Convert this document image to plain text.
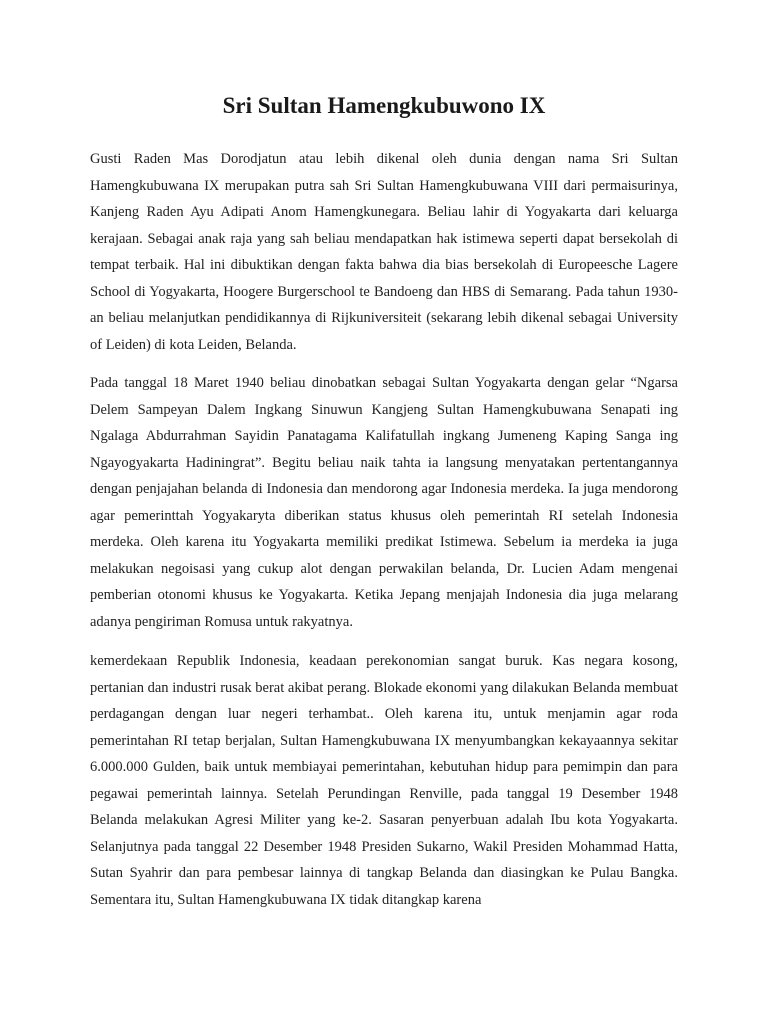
Sri Sultan Hamengkubuwono IX

Gusti Raden Mas Dorodjatun atau lebih dikenal oleh dunia dengan nama Sri Sultan Hamengkubuwana IX merupakan putra sah Sri Sultan Hamengkubuwana VIII dari permaisurinya, Kanjeng Raden Ayu Adipati Anom Hamengkunegara. Beliau lahir di Yogyakarta dari keluarga kerajaan. Sebagai anak raja yang sah beliau mendapatkan hak istimewa seperti dapat bersekolah di tempat terbaik. Hal ini dibuktikan dengan fakta bahwa dia bias bersekolah di Europeesche Lagere School di Yogyakarta, Hoogere Burgerschool te Bandoeng dan HBS di Semarang. Pada tahun 1930-an beliau melanjutkan pendidikannya di Rijkuniversiteit (sekarang lebih dikenal sebagai University of Leiden) di kota Leiden, Belanda.

Pada tanggal 18 Maret 1940 beliau dinobatkan sebagai Sultan Yogyakarta dengan gelar “Ngarsa Delem Sampeyan Dalem Ingkang Sinuwun Kangjeng Sultan Hamengkubuwana Senapati ing Ngalaga Abdurrahman Sayidin Panatagama Kalifatullah ingkang Jumeneng Kaping Sanga ing Ngayogyakarta Hadiningrat”. Begitu beliau naik tahta ia langsung menyatakan pertentangannya dengan penjajahan belanda di Indonesia dan mendorong agar Indonesia merdeka. Ia juga mendorong agar pemerinttah Yogyakaryta diberikan status khusus oleh pemerintah RI setelah Indonesia merdeka. Oleh karena itu Yogyakarta memiliki predikat Istimewa. Sebelum ia merdeka ia juga melakukan negoisasi yang cukup alot dengan perwakilan belanda, Dr. Lucien Adam mengenai pemberian otonomi khusus ke Yogyakarta. Ketika Jepang menjajah Indonesia dia juga melarang adanya pengiriman Romusa untuk rakyatnya.

kemerdekaan Republik Indonesia, keadaan perekonomian sangat buruk. Kas negara kosong, pertanian dan industri rusak berat akibat perang. Blokade ekonomi yang dilakukan Belanda membuat perdagangan dengan luar negeri terhambat.. Oleh karena itu, untuk menjamin agar roda pemerintahan RI tetap berjalan, Sultan Hamengkubuwana IX menyumbangkan kekayaannya sekitar 6.000.000 Gulden, baik untuk membiayai pemerintahan, kebutuhan hidup para pemimpin dan para pegawai pemerintah lainnya. Setelah Perundingan Renville, pada tanggal 19 Desember 1948 Belanda melakukan Agresi Militer yang ke-2. Sasaran penyerbuan adalah Ibu kota Yogyakarta. Selanjutnya pada tanggal 22 Desember 1948 Presiden Sukarno, Wakil Presiden Mohammad Hatta, Sutan Syahrir dan para pembesar lainnya di tangkap Belanda dan diasingkan ke Pulau Bangka. Sementara itu, Sultan Hamengkubuwana IX tidak ditangkap karena
